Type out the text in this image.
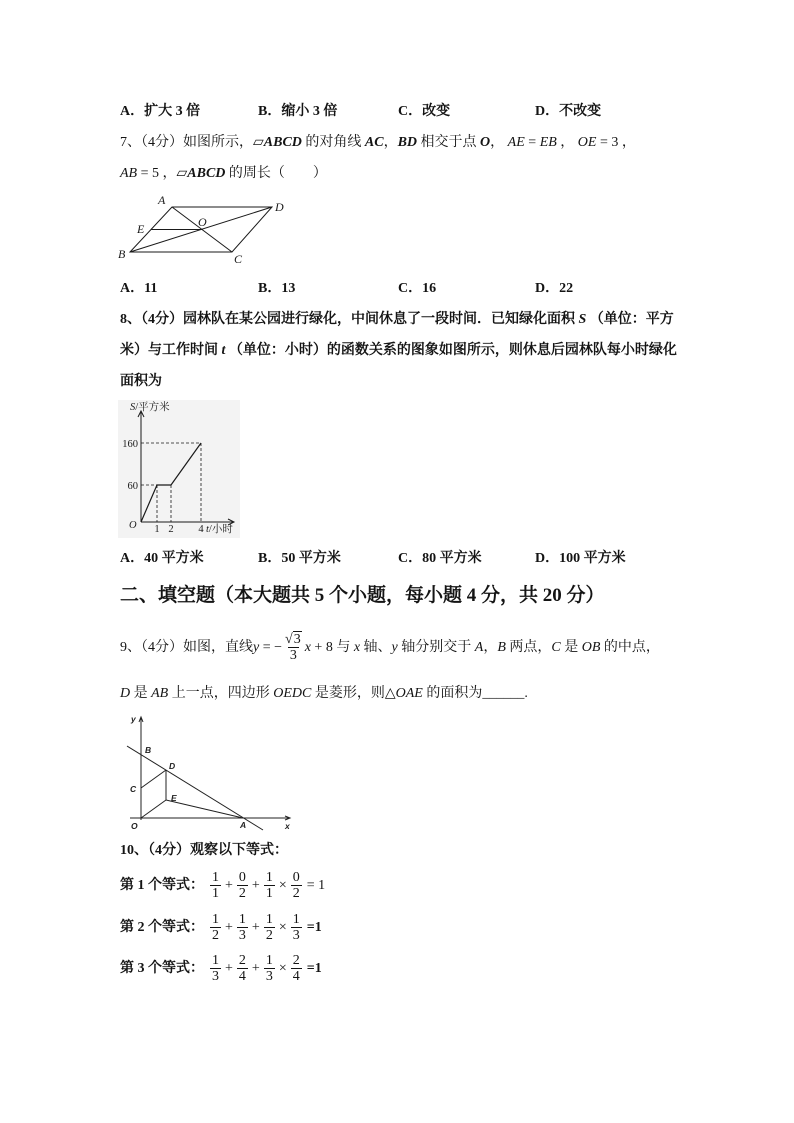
A．扩大 3 倍	B．缩小 3 倍	C．改变	D．不改变
7、（4分）如图所示，▱ABCD 的对角线 AC，BD 相交于点 O， AE = EB ， OE = 3 ，
AB = 5 ，▱ABCD 的周长（　　）
A	D
B	C
E	O
A．11	B．13	C．16	D．22
8、（4分）园林队在某公园进行绿化，中间休息了一段时间．已知绿化面积 S （单位：平方
米）与工作时间 t （单位：小时）的函数关系的图象如图所示，则休息后园林队每小时绿化
面积为
S/平方米
160
60
O 1 2 4 t/小时
A．40 平方米	B．50 平方米	C．80 平方米	D．100 平方米
二、填空题（本大题共 5 个小题，每小题 4 分，共 20 分）
9、（4分）如图，直线y = − $\frac{√3}{3}$ x + 8 与 x 轴、y 轴分别交于 A，B 两点，C 是 OB 的中点，
D 是 AB 上一点，四边形 OEDC 是菱形，则△OAE 的面积为______.
y
x
O	A
B
C
D
E
10、（4分）观察以下等式：
第 1 个等式： $\frac{1}{1} + \frac{0}{2} + \frac{1}{1} \times \frac{0}{2} = 1$
第 2 个等式： $\frac{1}{2} + \frac{1}{3} + \frac{1}{2} \times \frac{1}{3} =1$
第 3 个等式： $\frac{1}{3} + \frac{2}{4} + \frac{1}{3} \times \frac{2}{4} =1$
